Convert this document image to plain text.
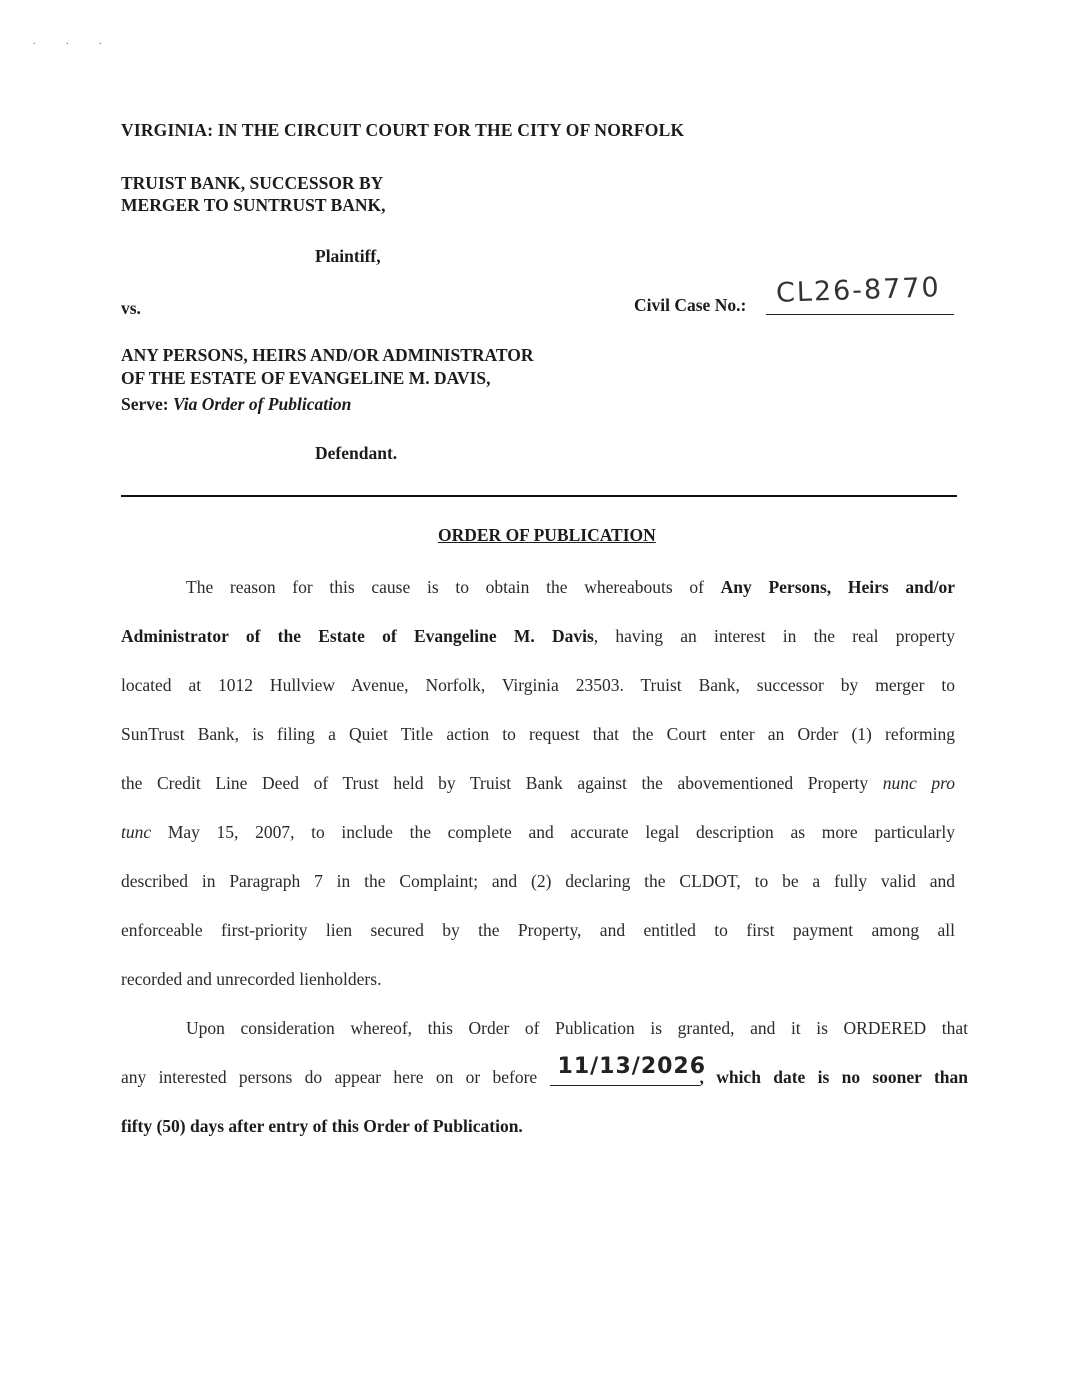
. . .
VIRGINIA: IN THE CIRCUIT COURT FOR THE CITY OF NORFOLK
TRUIST BANK, SUCCESSOR BY
MERGER TO SUNTRUST BANK,
Plaintiff,
vs.	Civil Case No.: CL26-8770
ANY PERSONS, HEIRS AND/OR ADMINISTRATOR
OF THE ESTATE OF EVANGELINE M. DAVIS,
Serve: Via Order of Publication
Defendant.
ORDER OF PUBLICATION
The reason for this cause is to obtain the whereabouts of Any Persons, Heirs and/or
Administrator of the Estate of Evangeline M. Davis, having an interest in the real property
located at 1012 Hullview Avenue, Norfolk, Virginia 23503. Truist Bank, successor by merger to
SunTrust Bank, is filing a Quiet Title action to request that the Court enter an Order (1) reforming
the Credit Line Deed of Trust held by Truist Bank against the abovementioned Property nunc pro
tunc May 15, 2007, to include the complete and accurate legal description as more particularly
described in Paragraph 7 in the Complaint; and (2) declaring the CLDOT, to be a fully valid and
enforceable first-priority lien secured by the Property, and entitled to first payment among all
recorded and unrecorded lienholders.
Upon consideration whereof, this Order of Publication is granted, and it is ORDERED that
any interested persons do appear here on or before 11/13/2026
, which date is no sooner than
fifty (50) days after entry of this Order of Publication.
